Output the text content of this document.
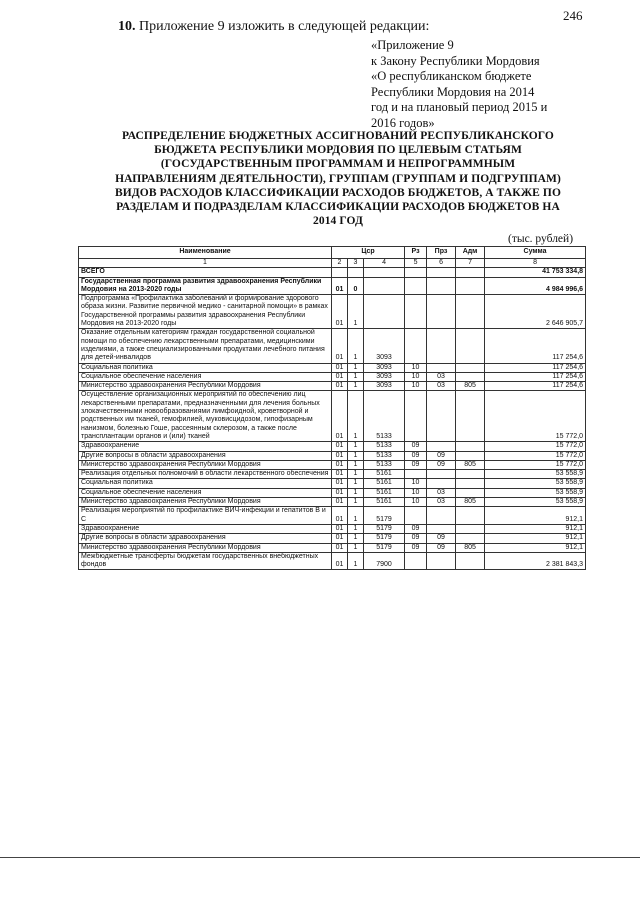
246
10. Приложение 9 изложить в следующей редакции:
«Приложение 9
к Закону Республики Мордовия
«О республиканском бюджете
Республики Мордовия на 2014
год и на плановый период 2015 и
2016 годов»
РАСПРЕДЕЛЕНИЕ БЮДЖЕТНЫХ АССИГНОВАНИЙ РЕСПУБЛИКАНСКОГО
БЮДЖЕТА РЕСПУБЛИКИ МОРДОВИЯ ПО ЦЕЛЕВЫМ СТАТЬЯМ
(ГОСУДАРСТВЕННЫМ ПРОГРАММАМ И НЕПРОГРАММНЫМ
НАПРАВЛЕНИЯМ ДЕЯТЕЛЬНОСТИ), ГРУППАМ (ГРУППАМ И ПОДГРУППАМ)
ВИДОВ РАСХОДОВ КЛАССИФИКАЦИИ РАСХОДОВ БЮДЖЕТОВ, А ТАКЖЕ ПО
РАЗДЕЛАМ И ПОДРАЗДЕЛАМ КЛАССИФИКАЦИИ РАСХОДОВ БЮДЖЕТОВ НА
2014 ГОД
(тыс. рублей)
Наименование	Цср			Рз	Прз	Адм	Сумма
1	2	3	4	5	6	7	8
ВСЕГО							41 753 334,8
Государственная программа развития здравоохранения Республики Мордовия на 2013-2020 годы	01	0					4 984 996,6
Подпрограмма «Профилактика заболеваний и формирование здорового образа жизни. Развитие первичной медико - санитарной помощи» в рамках Государственной программы развития здравоохранения Республики Мордовия на 2013-2020 годы	01	1					2 646 905,7
Оказание отдельным категориям граждан государственной социальной помощи по обеспечению лекарственными препаратами, медицинскими изделиями, а также специализированными продуктами лечебного питания для детей-инвалидов	01	1	3093				117 254,6
Социальная политика	01	1	3093	10			117 254,6
Социальное обеспечение населения	01	1	3093	10	03		117 254,6
Министерство здравоохранения Республики Мордовия	01	1	3093	10	03	805	117 254,6
Осуществление организационных мероприятий по обеспечению лиц лекарственными препаратами, предназначенными для лечения больных злокачественными новообразованиями лимфоидной, кроветворной и родственных им тканей, гемофилией, муковисцидозом, гипофизарным нанизмом, болезнью Гоше, рассеянным склерозом, а также после трансплантации органов и (или) тканей	01	1	5133				15 772,0
Здравоохранение	01	1	5133	09			15 772,0
Другие вопросы в области здравоохранения	01	1	5133	09	09		15 772,0
Министерство здравоохранения Республики Мордовия	01	1	5133	09	09	805	15 772,0
Реализация отдельных полномочий в области лекарственного обеспечения	01	1	5161				53 558,9
Социальная политика	01	1	5161	10			53 558,9
Социальное обеспечение населения	01	1	5161	10	03		53 558,9
Министерство здравоохранения Республики Мордовия	01	1	5161	10	03	805	53 558,9
Реализация мероприятий по профилактике ВИЧ-инфекции и гепатитов В и С	01	1	5179				912,1
Здравоохранение	01	1	5179	09			912,1
Другие вопросы в области здравоохранения	01	1	5179	09	09		912,1
Министерство здравоохранения Республики Мордовия	01	1	5179	09	09	805	912,1
Межбюджетные трансферты бюджетам государственных внебюджетных фондов	01	1	7900				2 381 843,3
